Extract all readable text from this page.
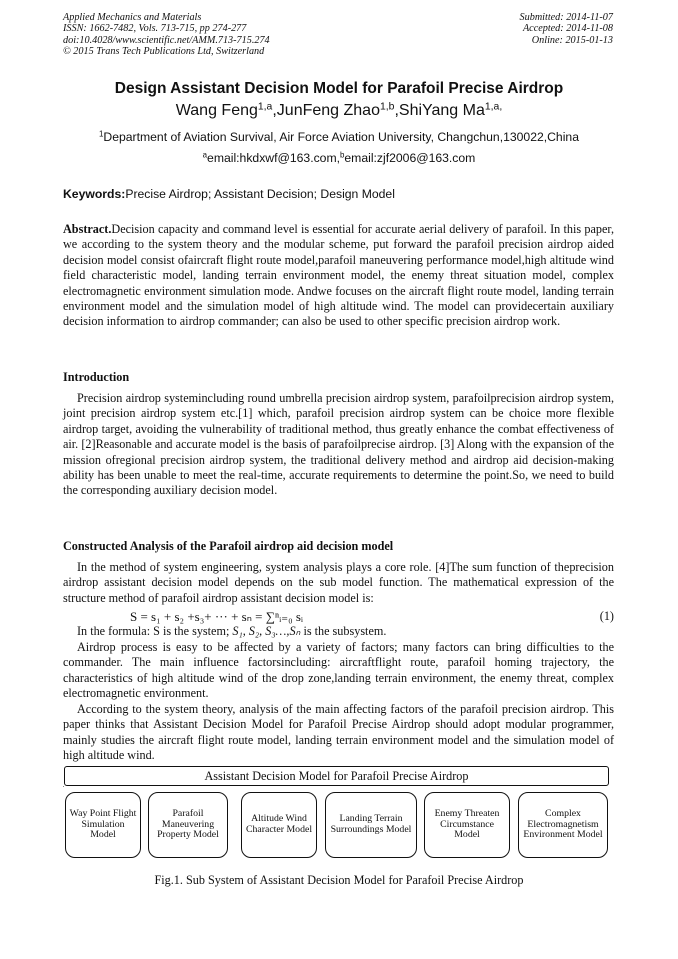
Applied Mechanics and Materials
ISSN: 1662-7482, Vols. 713-715, pp 274-277
doi:10.4028/www.scientific.net/AMM.713-715.274
© 2015 Trans Tech Publications Ltd, Switzerland
Submitted: 2014-11-07
Accepted: 2014-11-08
Online: 2015-01-13
Design Assistant Decision Model for Parafoil Precise Airdrop
Wang Feng$^{1,a}$,JunFeng Zhao$^{1,b}$,ShiYang $Ma^{1,a,}$
$^1$Department of Aviation Survival, Air Force Aviation University, Changchun,130022,China
$^a$email:hkdxwf@163.com,$^b$email:zjf2006@163.com
Keywords:Precise Airdrop; Assistant Decision; Design Model
Abstract.Decision capacity and command level is essential for accurate aerial delivery of parafoil. In this paper, we according to the system theory and the modular scheme, put forward the parafoil precision airdrop aided decision model consist ofaircraft flight route model,parafoil maneuvering performance model,high altitude wind field characteristic model, landing terrain environment model, the enemy threat situation model, complex electromagnetic environment simulation mode. Andwe focuses on the aircraft flight route model, landing terrain environment model and the simulation model of high altitude wind. The model can providecertain auxiliary decision information to airdrop commander; can also be used to other specific precision airdrop work.
Introduction
Precision airdrop systemincluding round umbrella precision airdrop system, parafoilprecision airdrop system, joint precision airdrop system etc.[1] which, parafoil precision airdrop system can be choice more flexible airdrop target, avoiding the vulnerability of traditional method, thus greatly enhance the combat effectiveness of air. [2]Reasonable and accurate model is the basis of parafoilprecise airdrop. [3] Along with the expansion of the mission ofregional precision airdrop system, the traditional delivery method and airdrop aid decision-making ability has been unable to meet the real-time, accurate requirements to determine the point.So, we need to build the corresponding auxiliary decision model.
Constructed Analysis of the Parafoil airdrop aid decision model
In the method of system engineering, system analysis plays a core role. [4]The sum function of theprecision airdrop assistant decision model depends on the sub model function. The mathematical expression of the structure method of parafoil airdrop assistant decision model is:
S = s₁ + s₂ +s₃+ ··· + sₙ = ∑ⁿᵢ₌₀ sᵢ	(1)
In the formula: S is the system; S₁, S₂, S₃…,Sₙ is the subsystem.
Airdrop process is easy to be affected by a variety of factors; many factors can bring difficulties to the commander. The main influence factorsincluding: aircraftflight route, parafoil homing trajectory, the characteristics of high altitude wind of the drop zone,landing terrain environment, the enemy threat, complex electromagnetic environment.
According to the system theory, analysis of the main affecting factors of the parafoil precision airdrop. This paper thinks that Assistant Decision Model for Parafoil Precise Airdrop should adopt modular programmer, mainly studies the aircraft flight route model, landing terrain environment model and the simulation model of high altitude wind.
Assistant Decision Model for Parafoil Precise Airdrop
Way Point Flight Simulation Model
Parafoil Maneuvering Property Model
Altitude Wind Character Model
Landing Terrain Surroundings Model
Enemy Threaten Circumstance Model
Complex Electromagnetism Environment Model
Fig.1. Sub System of Assistant Decision Model for Parafoil Precise Airdrop
